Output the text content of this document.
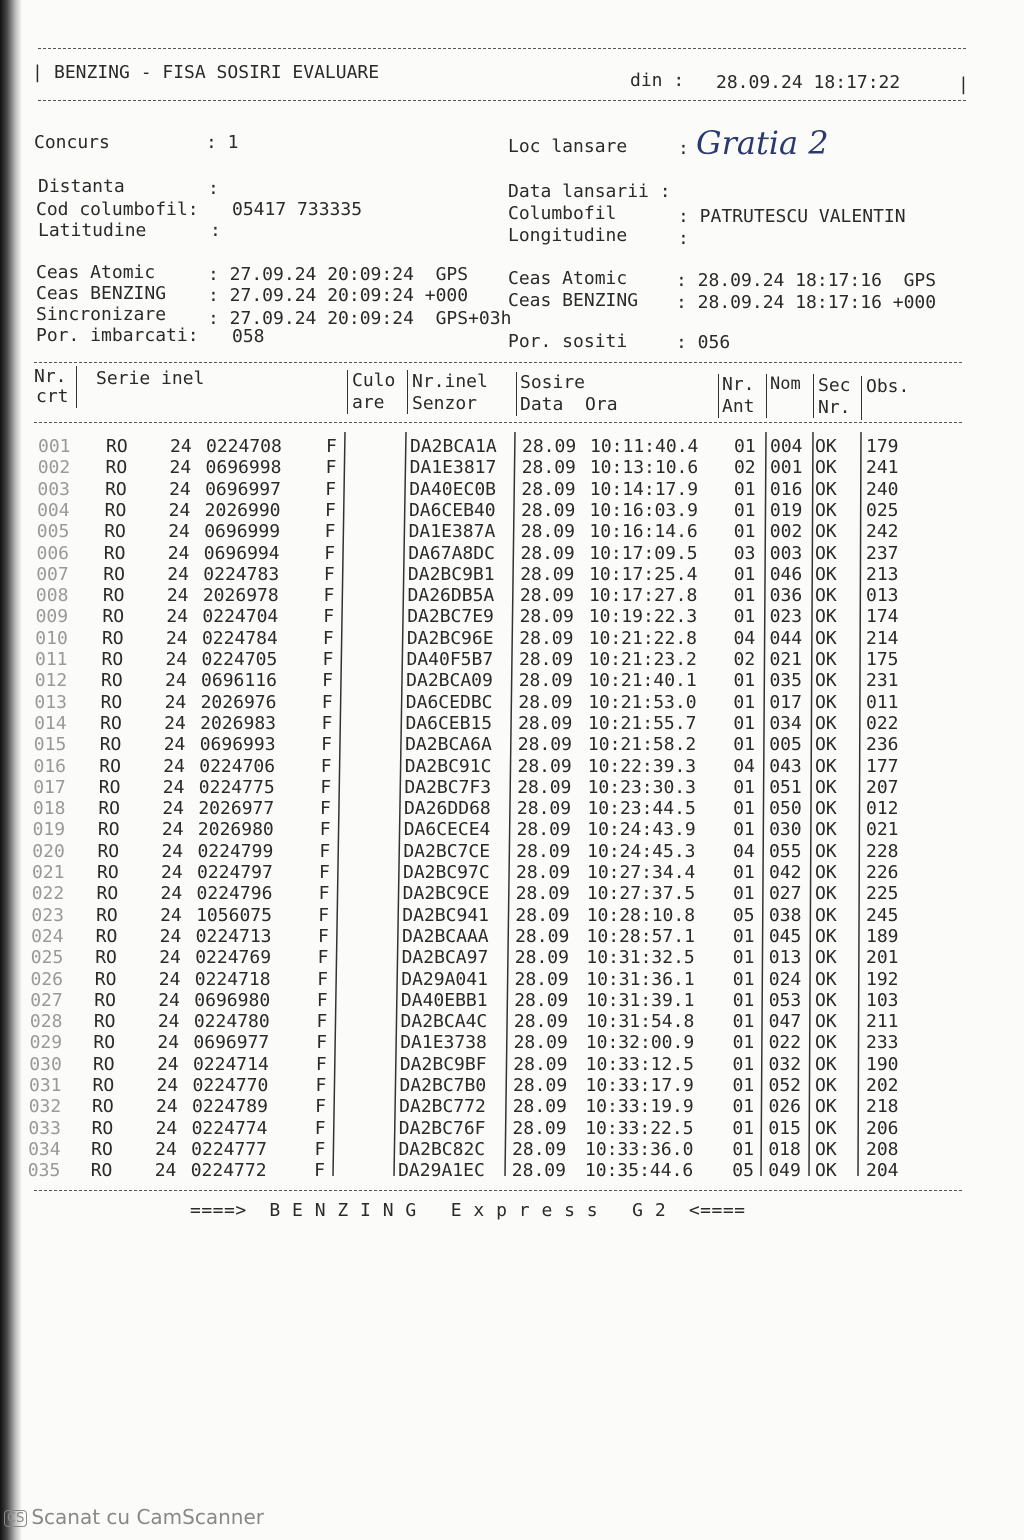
| BENZING - FISA SOSIRI EVALUARE	din : 28.09.24 18:17:22	|
Concurs	: 1	Loc lansare	: Gratia 2
Distanta	:
Cod columbofil: 05417 733335
Latitudine	:
Data lansarii :
Columbofil	: PATRUTESCU VALENTIN
Longitudine	:
Ceas Atomic	: 27.09.24 20:09:24  GPS
Ceas BENZING : 27.09.24 20:09:24 +000
Sincronizare : 27.09.24 20:09:24  GPS+03h
Por. imbarcati: 058
Ceas Atomic	: 28.09.24 18:17:16  GPS
Ceas BENZING : 28.09.24 18:17:16 +000
Por. sositi	: 056
Nr.
crt
Serie inel	Culo
are
Nr.inel
Senzor
Sosire
Data  Ora
Nr.
Ant
Nom Sec
Nr.
Obs.
001 RO 24 0224708 F	DA2BCA1A 28.09 10:11:40.4 01 004 OK 179
002 RO 24 0696998 F	DA1E3817 28.09 10:13:10.6 02 001 OK 241
003 RO 24 0696997 F	DA40EC0B 28.09 10:14:17.9 01 016 OK 240
004 RO 24 2026990 F	DA6CEB40 28.09 10:16:03.9 01 019 OK 025
005 RO 24 0696999 F	DA1E387A 28.09 10:16:14.6 01 002 OK 242
006 RO 24 0696994 F	DA67A8DC 28.09 10:17:09.5 03 003 OK 237
007 RO 24 0224783 F	DA2BC9B1 28.09 10:17:25.4 01 046 OK 213
008 RO 24 2026978 F	DA26DB5A 28.09 10:17:27.8 01 036 OK 013
009 RO 24 0224704 F	DA2BC7E9 28.09 10:19:22.3 01 023 OK 174
010 RO 24 0224784	F	DA2BC96E 28.09 10:21:22.8 04 044 OK 214
011 RO 24 0224705	F	DA40F5B7 28.09 10:21:23.2 02 021 OK 175
012 RO 24 0696116	F	DA2BCA09 28.09 10:21:40.1 01 035 OK 231
013 RO 24 2026976	F	DA6CEDBC 28.09 10:21:53.0 01 017 OK 011
014 RO 24 2026983	F	DA6CEB15 28.09 10:21:55.7 01 034 OK 022
015 RO 24 0696993	F	DA2BCA6A 28.09 10:21:58.2 01 005 OK 236
016 RO 24 0224706	F	DA2BC91C 28.09 10:22:39.3 04 043 OK 177
017 RO 24 0224775	F	DA2BC7F3 28.09 10:23:30.3 01 051 OK 207
018 RO 24 2026977	F	DA26DD68 28.09 10:23:44.5 01 050 OK 012
019 RO 24 2026980	F	DA6CECE4 28.09 10:24:43.9 01 030 OK 021
020 RO 24 0224799	F	DA2BC7CE 28.09 10:24:45.3 04 055 OK 228
021 RO 24 0224797	F	DA2BC97C 28.09 10:27:34.4 01 042 OK 226
022 RO 24 0224796	F	DA2BC9CE 28.09 10:27:37.5 01 027 OK 225
023 RO 24 1056075	F	DA2BC941 28.09 10:28:10.8 05 038 OK 245
024 RO 24 0224713	F	DA2BCAAA 28.09 10:28:57.1 01 045 OK 189
025 RO 24 0224769	F	DA2BCA97 28.09 10:31:32.5 01 013 OK 201
026 RO 24 0224718	F	DA29A041 28.09 10:31:36.1 01 024 OK 192
027 RO 24 0696980	F	DA40EBB1 28.09 10:31:39.1 01 053 OK 103
028 RO 24 0224780	F	DA2BCA4C 28.09 10:31:54.8 01 047 OK 211
029 RO 24 0696977	F	DA1E3738 28.09 10:32:00.9 01 022 OK 233
030 RO 24 0224714	F	DA2BC9BF 28.09 10:33:12.5 01 032 OK 190
031 RO 24 0224770	F	DA2BC7B0 28.09 10:33:17.9 01 052 OK 202
032 RO 24 0224789	F	DA2BC772 28.09 10:33:19.9 01 026 OK 218
033 RO 24 0224774	F	DA2BC76F 28.09 10:33:22.5 01 015 OK 206
034 RO 24 0224777	F	DA2BC82C 28.09 10:33:36.0 01 018 OK 208
035 RO 24 0224772	F	DA29A1EC 28.09 10:35:44.6 05 049 OK 204
====>  B E N Z I N G   E x p r e s s   G 2  <====
CS Scanat cu CamScanner
